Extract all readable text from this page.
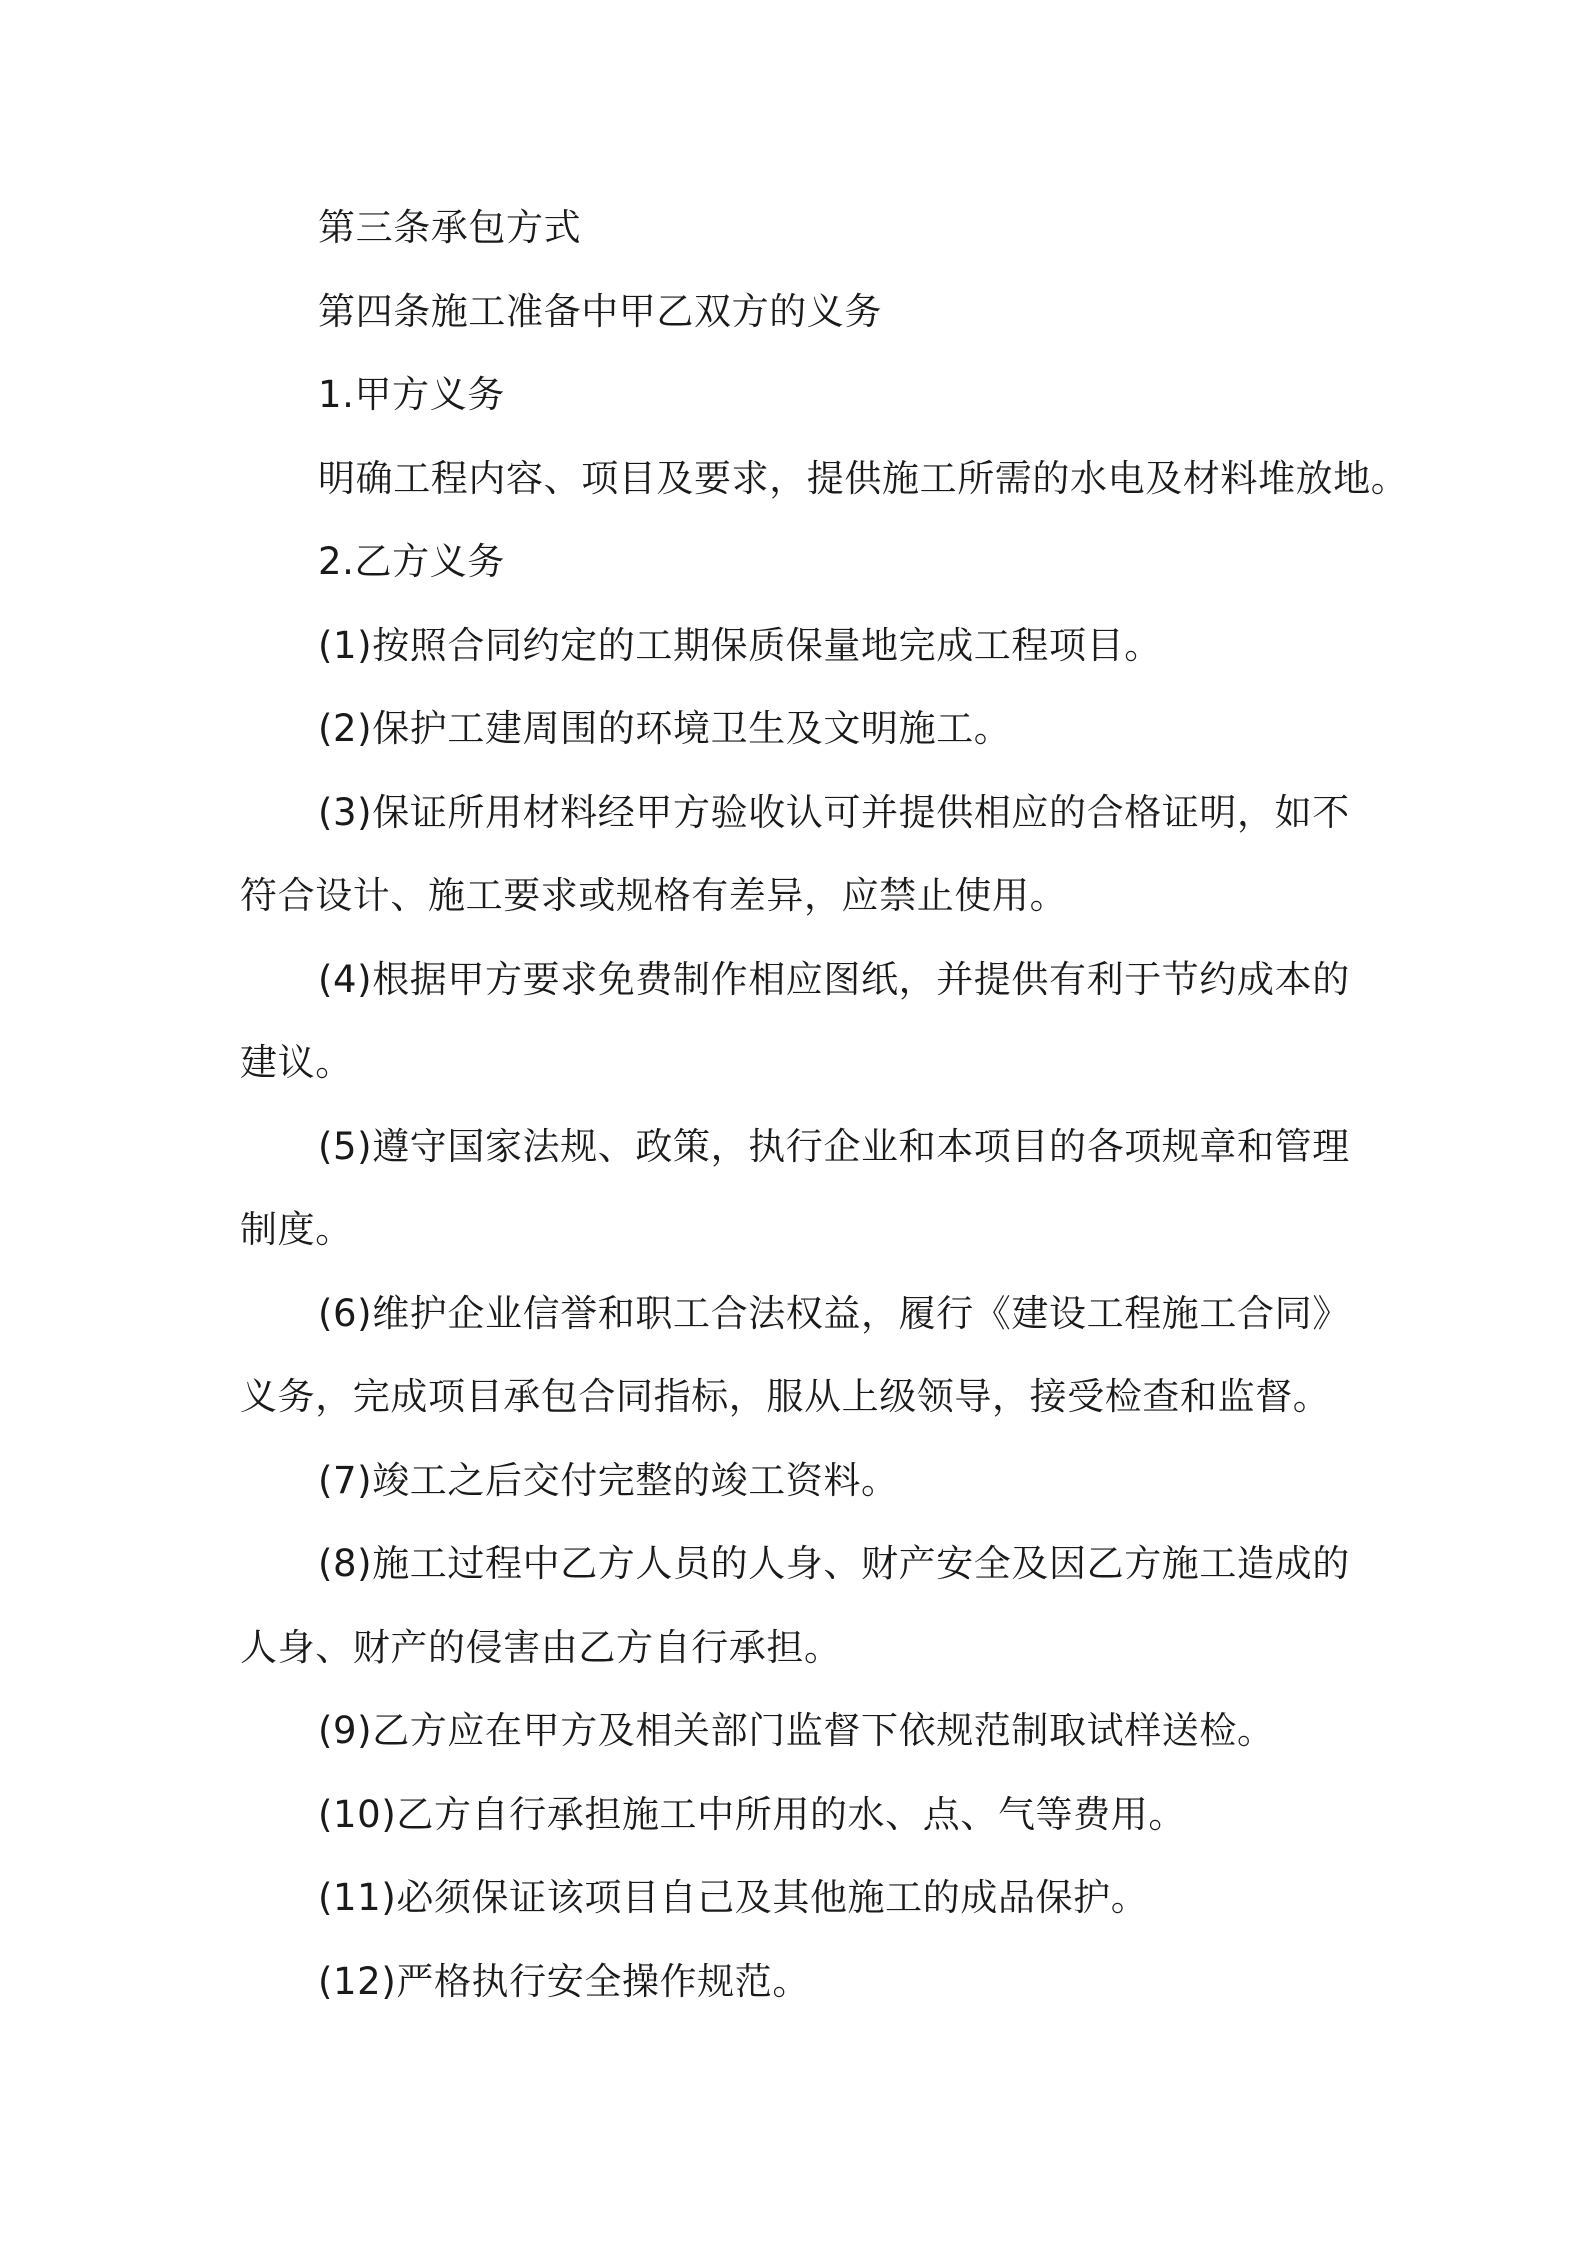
第三条承包方式
第四条施工准备中甲乙双方的义务
1.甲方义务
明确工程内容、项目及要求，提供施工所需的水电及材料堆放地。
2.乙方义务
(1)按照合同约定的工期保质保量地完成工程项目。
(2)保护工建周围的环境卫生及文明施工。
(3)保证所用材料经甲方验收认可并提供相应的合格证明，如不
符合设计、施工要求或规格有差异，应禁止使用。
(4)根据甲方要求免费制作相应图纸，并提供有利于节约成本的
建议。
(5)遵守国家法规、政策，执行企业和本项目的各项规章和管理
制度。
(6)维护企业信誉和职工合法权益，履行《建设工程施工合同》
义务，完成项目承包合同指标，服从上级领导，接受检查和监督。
(7)竣工之后交付完整的竣工资料。
(8)施工过程中乙方人员的人身、财产安全及因乙方施工造成的
人身、财产的侵害由乙方自行承担。
(9)乙方应在甲方及相关部门监督下依规范制取试样送检。
(10)乙方自行承担施工中所用的水、点、气等费用。
(11)必须保证该项目自己及其他施工的成品保护。
(12)严格执行安全操作规范。
